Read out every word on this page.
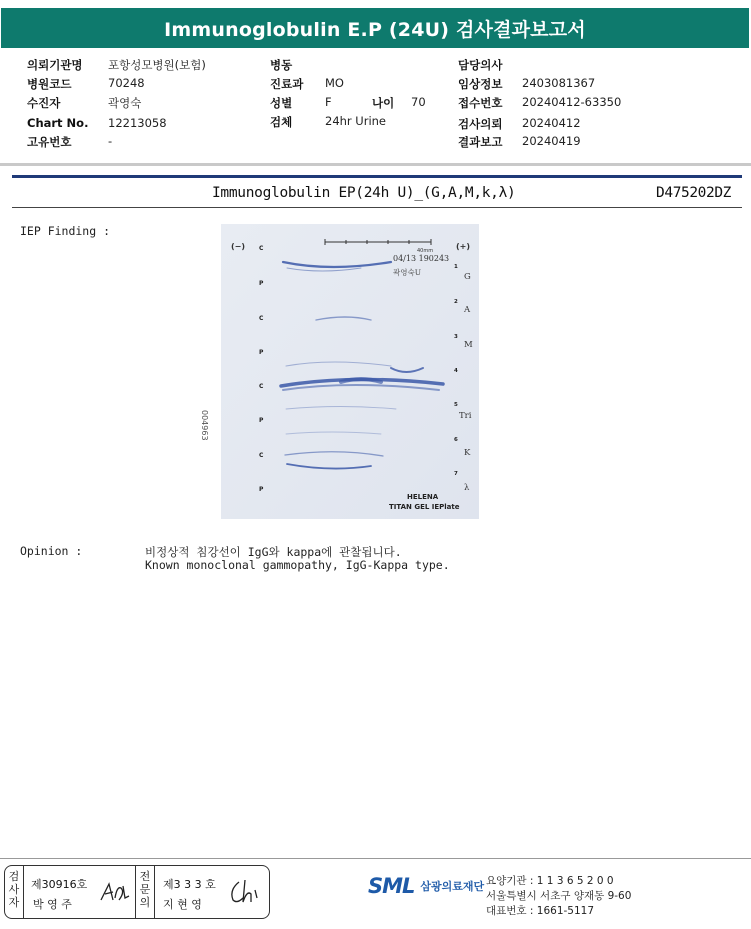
Immunoglobulin E.P (24U) 검사결과보고서
의뢰기관명 포항성모병원(보험)
병원코드	70248
수진자	곽영숙
Chart No. 12213058
고유번호	-
병동
진료과 MO
성별	F	나이 70
검체	24hr Urine
담당의사
임상정보 2403081367
접수번호 20240412-63350
검사의뢰 20240412
결과보고 20240419
Immunoglobulin EP(24h U)_(G,A,M,k,λ)	D475202DZ
IEP Finding :
40mm
04/13 190243
곽영숙U
(−)	(+)
004963
C
P
C
P
C
P
C
P
1
2
3
4
5
6
7
G
A
M
Tri
K
λ
HELENA
TITAN GEL IEPlate
Opinion :	비정상적 침강선이 IgG와 kappa에 관찰됩니다.
Known monoclonal gammopathy, IgG-Kappa type.
검사자
제30916호
박 영 주
전문의
제3 3 3 호
지 현 영
SML 삼광의료재단 요양기관 : 1 1 3 6 5 2 0 0
서울특별시 서초구 양재동 9-60
대표번호 : 1661-5117
